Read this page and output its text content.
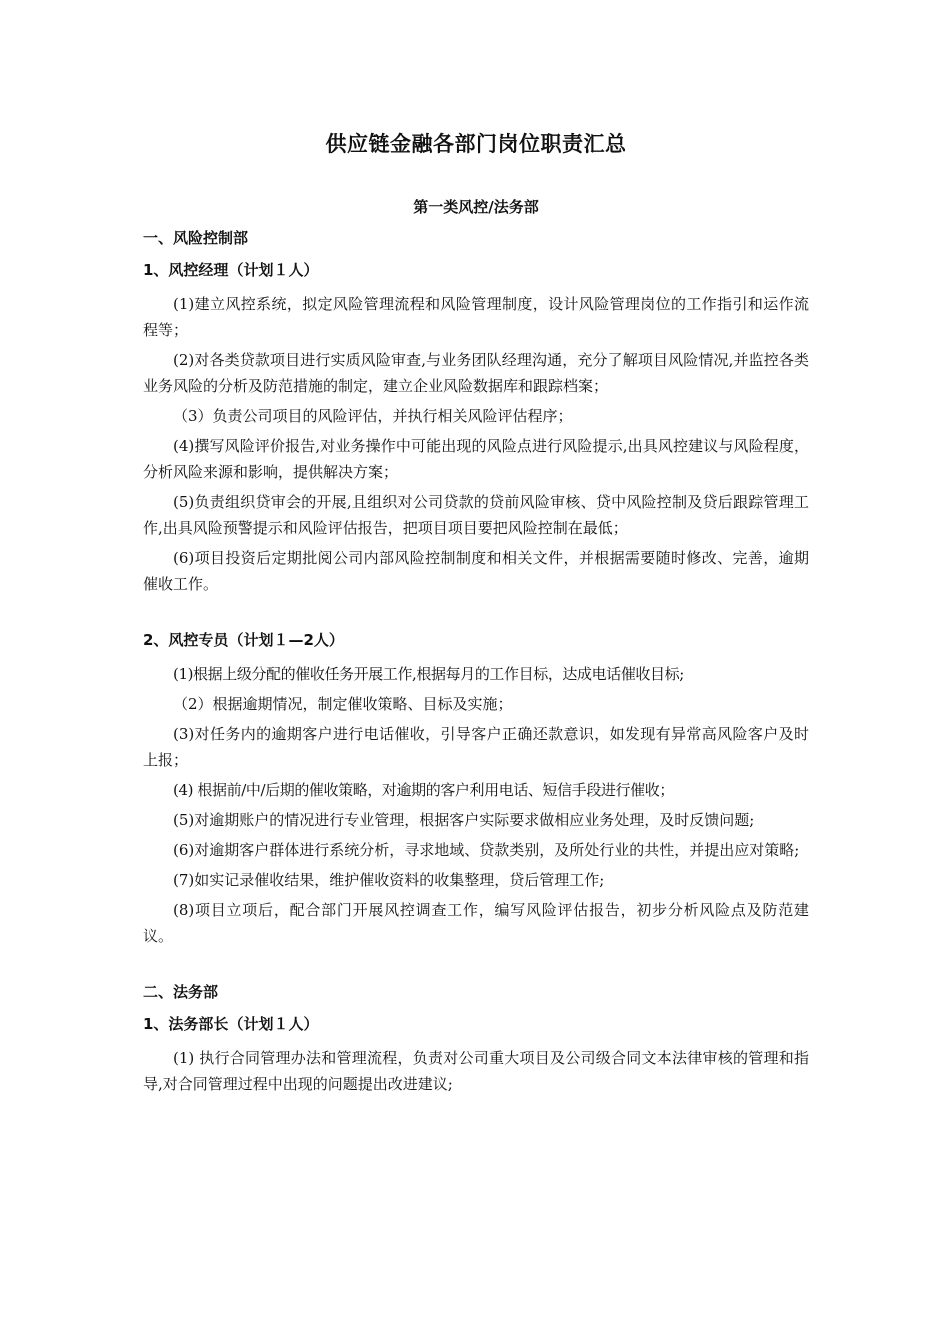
供应链金融各部门岗位职责汇总
第一类风控/法务部
一、风险控制部
1、风控经理（计划１人）
(1)建立风控系统，拟定风险管理流程和风险管理制度，设计风险管理岗位的工作指引和运作流程等；
(2)对各类贷款项目进行实质风险审查,与业务团队经理沟通，充分了解项目风险情况,并监控各类业务风险的分析及防范措施的制定，建立企业风险数据库和跟踪档案；
（3）负责公司项目的风险评估，并执行相关风险评估程序；
(4)撰写风险评价报告,对业务操作中可能出现的风险点进行风险提示,出具风控建议与风险程度，分析风险来源和影响，提供解决方案；
(5)负责组织贷审会的开展,且组织对公司贷款的贷前风险审核、贷中风险控制及贷后跟踪管理工作,出具风险预警提示和风险评估报告，把项目项目要把风险控制在最低；
(6)项目投资后定期批阅公司内部风险控制制度和相关文件，并根据需要随时修改、完善，逾期催收工作。
2、风控专员（计划１—2人）
(1)根据上级分配的催收任务开展工作,根据每月的工作目标，达成电话催收目标;
（2）根据逾期情况，制定催收策略、目标及实施；
(3)对任务内的逾期客户进行电话催收，引导客户正确还款意识，如发现有异常高风险客户及时上报；
(4) 根据前/中/后期的催收策略，对逾期的客户利用电话、短信手段进行催收；
(5)对逾期账户的情况进行专业管理，根据客户实际要求做相应业务处理，及时反馈问题;
(6)对逾期客户群体进行系统分析，寻求地域、贷款类别，及所处行业的共性，并提出应对策略;
(7)如实记录催收结果，维护催收资料的收集整理，贷后管理工作;
(8)项目立项后，配合部门开展风控调查工作，编写风险评估报告，初步分析风险点及防范建议。
二、法务部
1、法务部长（计划１人）
(1) 执行合同管理办法和管理流程，负责对公司重大项目及公司级合同文本法律审核的管理和指导,对合同管理过程中出现的问题提出改进建议;
